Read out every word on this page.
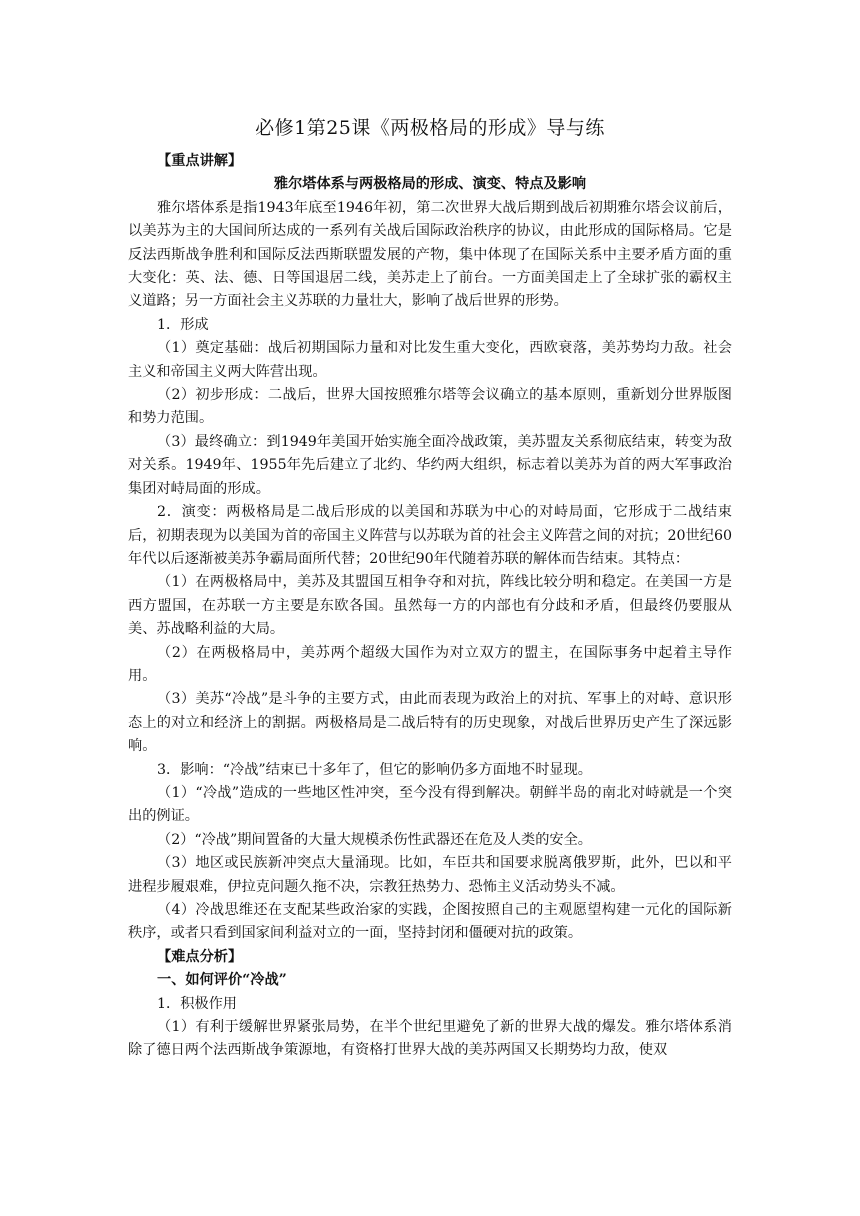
必修1第25课《两极格局的形成》导与练

【重点讲解】

雅尔塔体系与两极格局的形成、演变、特点及影响

雅尔塔体系是指1943年底至1946年初，第二次世界大战后期到战后初期雅尔塔会议前后，以美苏为主的大国间所达成的一系列有关战后国际政治秩序的协议，由此形成的国际格局。它是反法西斯战争胜利和国际反法西斯联盟发展的产物，集中体现了在国际关系中主要矛盾方面的重大变化：英、法、德、日等国退居二线，美苏走上了前台。一方面美国走上了全球扩张的霸权主义道路；另一方面社会主义苏联的力量壮大，影响了战后世界的形势。

1．形成

（1）奠定基础：战后初期国际力量和对比发生重大变化，西欧衰落，美苏势均力敌。社会主义和帝国主义两大阵营出现。

（2）初步形成：二战后，世界大国按照雅尔塔等会议确立的基本原则，重新划分世界版图和势力范围。

（3）最终确立：到1949年美国开始实施全面冷战政策，美苏盟友关系彻底结束，转变为敌对关系。1949年、1955年先后建立了北约、华约两大组织，标志着以美苏为首的两大军事政治集团对峙局面的形成。

2．演变：两极格局是二战后形成的以美国和苏联为中心的对峙局面，它形成于二战结束后，初期表现为以美国为首的帝国主义阵营与以苏联为首的社会主义阵营之间的对抗；20世纪60年代以后逐渐被美苏争霸局面所代替；20世纪90年代随着苏联的解体而告结束。其特点：

（1）在两极格局中，美苏及其盟国互相争夺和对抗，阵线比较分明和稳定。在美国一方是西方盟国，在苏联一方主要是东欧各国。虽然每一方的内部也有分歧和矛盾，但最终仍要服从美、苏战略利益的大局。

（2）在两极格局中，美苏两个超级大国作为对立双方的盟主，在国际事务中起着主导作用。

（3）美苏“冷战”是斗争的主要方式，由此而表现为政治上的对抗、军事上的对峙、意识形态上的对立和经济上的割据。两极格局是二战后特有的历史现象，对战后世界历史产生了深远影响。

3．影响：“冷战”结束已十多年了，但它的影响仍多方面地不时显现。

（1）“冷战”造成的一些地区性冲突，至今没有得到解决。朝鲜半岛的南北对峙就是一个突出的例证。

（2）“冷战”期间置备的大量大规模杀伤性武器还在危及人类的安全。

（3）地区或民族新冲突点大量涌现。比如，车臣共和国要求脱离俄罗斯，此外，巴以和平进程步履艰难，伊拉克问题久拖不决，宗教狂热势力、恐怖主义活动势头不减。

（4）冷战思维还在支配某些政治家的实践，企图按照自己的主观愿望构建一元化的国际新秩序，或者只看到国家间利益对立的一面，坚持封闭和僵硬对抗的政策。

【难点分析】

一、如何评价“冷战”

1．积极作用

（1）有利于缓解世界紧张局势，在半个世纪里避免了新的世界大战的爆发。雅尔塔体系消除了德日两个法西斯战争策源地，有资格打世界大战的美苏两国又长期势均力敌，使双
